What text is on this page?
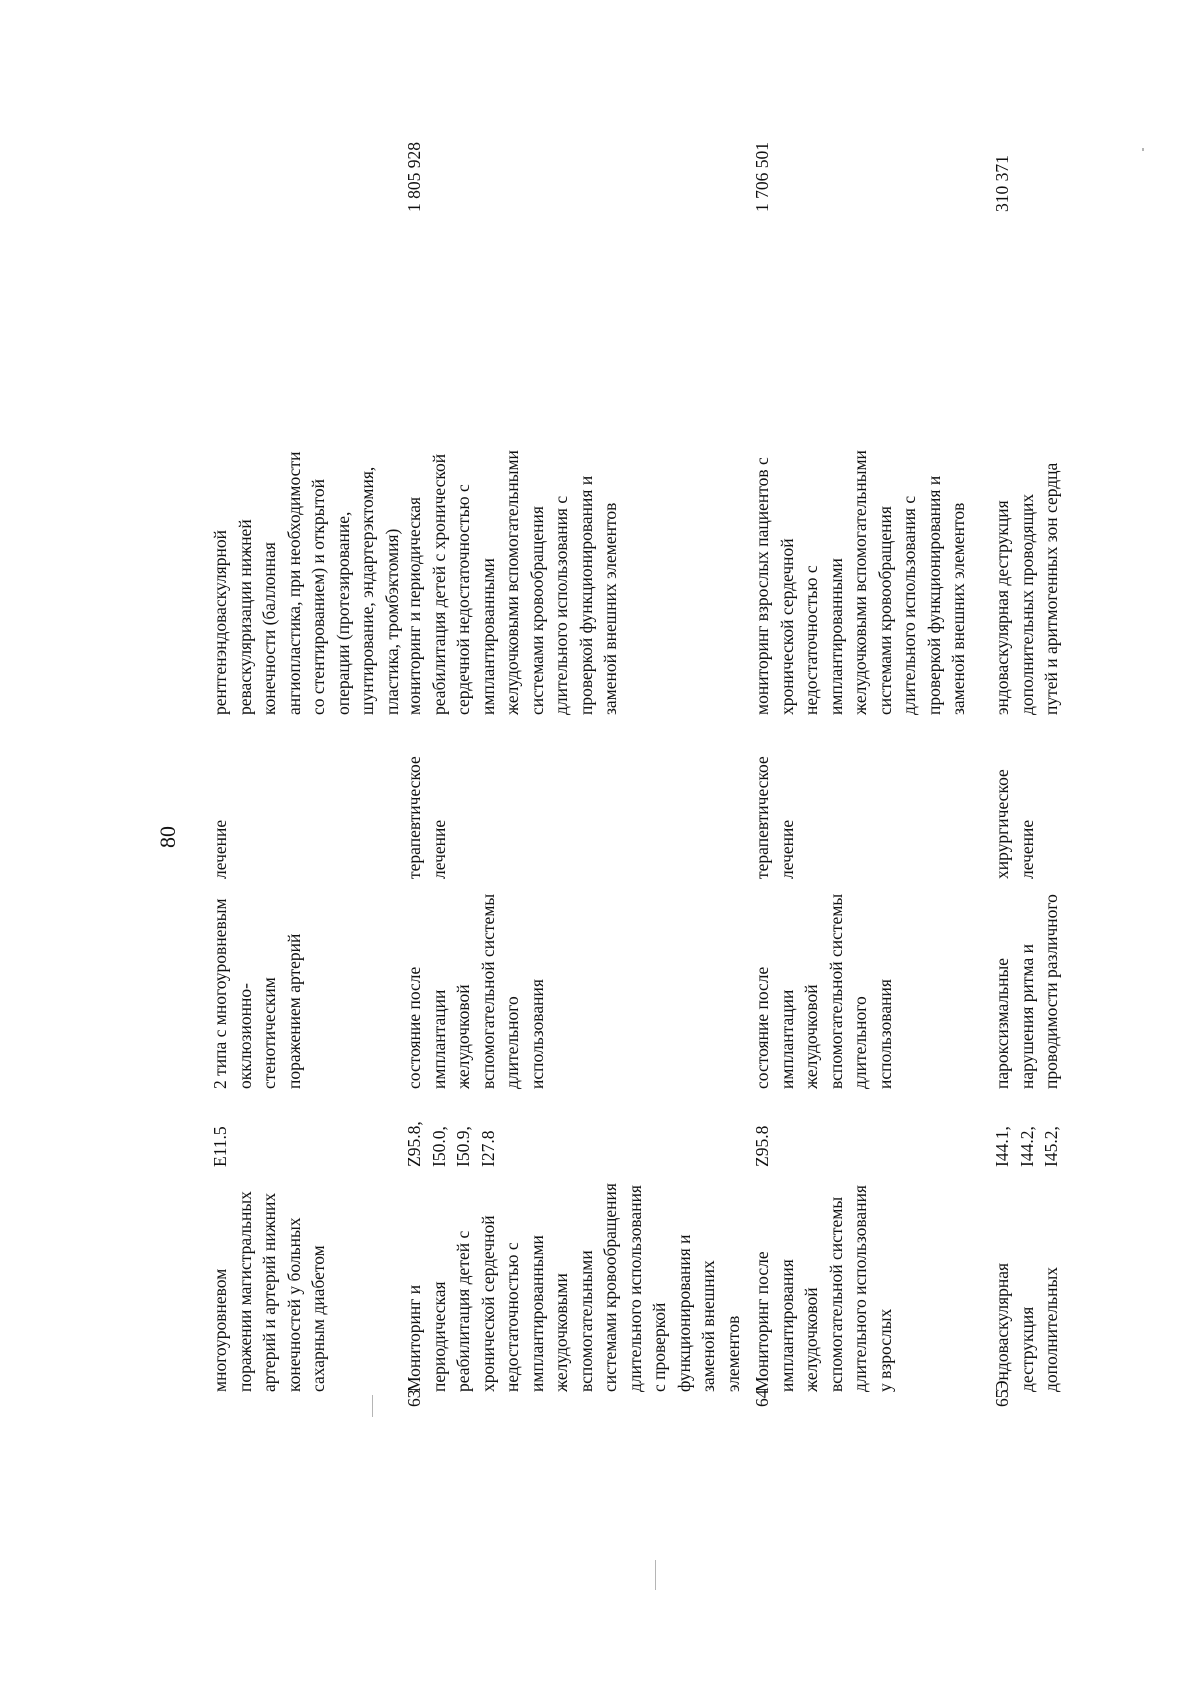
80
многоуровневом поражении магистральных артерий и артерий нижних конечностей у больных сахарным диабетом
E11.5
2 типа с многоуровневым окклюзионно- стенотическим поражением артерий
лечение
рентгенэндоваскулярной реваскуляризации нижней конечности (баллонная ангиопластика, при необходимости со стентированием) и открытой операции (протезирование, шунтирование, эндартерэктомия, пластика, тромбэктомия)
63
Мониторинг и периодическая реабилитация детей с хронической сердечной недостаточностью с имплантированными желудочковыми вспомогательными системами кровообращения длительного использования с проверкой функционирования и заменой внешних элементов
Z95.8, I50.0, I50.9, I27.8
состояние после имплантации желудочковой вспомогательной системы длительного использования
терапевтическое лечение
мониторинг и периодическая реабилитация детей с хронической сердечной недостаточностью с имплантированными желудочковыми вспомогательными системами кровообращения длительного использования с проверкой функционирования и заменой внешних элементов
1 805 928
64
Мониторинг после имплантирования желудочковой вспомогательной системы длительного использования у взрослых
Z95.8
состояние после имплантации желудочковой вспомогательной системы длительного использования
терапевтическое лечение
мониторинг взрослых пациентов с хронической сердечной недостаточностью с имплантированными желудочковыми вспомогательными системами кровообращения длительного использования с проверкой функционирования и заменой внешних элементов
1 706 501
65
Эндоваскулярная деструкция дополнительных
I44.1, I44.2, I45.2,
пароксизмальные нарушения ритма и проводимости различного
хирургическое лечение
эндоваскулярная деструкция дополнительных проводящих путей и аритмогенных зон сердца
310 371
